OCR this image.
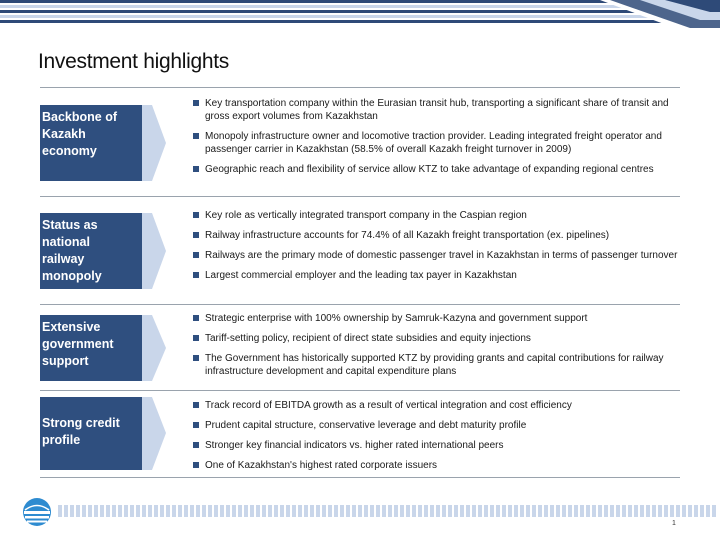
Investment highlights
Backbone of
Kazakh
economy
Key transportation company within the Eurasian transit hub, transporting a significant share of transit and gross export volumes from Kazakhstan
Monopoly infrastructure owner and locomotive traction provider. Leading integrated freight operator and passenger carrier in Kazakhstan (58.5% of overall Kazakh freight turnover in 2009)
Geographic reach and flexibility of service allow KTZ to take advantage of expanding regional centres
Status as
national
railway
monopoly
Key role as vertically integrated transport company in the Caspian region
Railway infrastructure accounts for 74.4% of all Kazakh freight transportation (ex. pipelines)
Railways are the primary mode of domestic passenger travel in Kazakhstan in terms of passenger turnover
Largest commercial employer and the leading tax payer in Kazakhstan
Extensive
government
support
Strategic enterprise with 100% ownership by Samruk-Kazyna and government support
Tariff-setting policy, recipient of direct state subsidies and equity injections
The Government has historically supported KTZ by providing grants and capital contributions for railway infrastructure development and capital expenditure plans
Strong credit
profile
Track record of EBITDA growth as a result of vertical integration and cost efficiency
Prudent capital structure, conservative leverage and debt maturity profile
Stronger key financial indicators vs. higher rated international peers
One of Kazakhstan's highest rated corporate issuers
1
